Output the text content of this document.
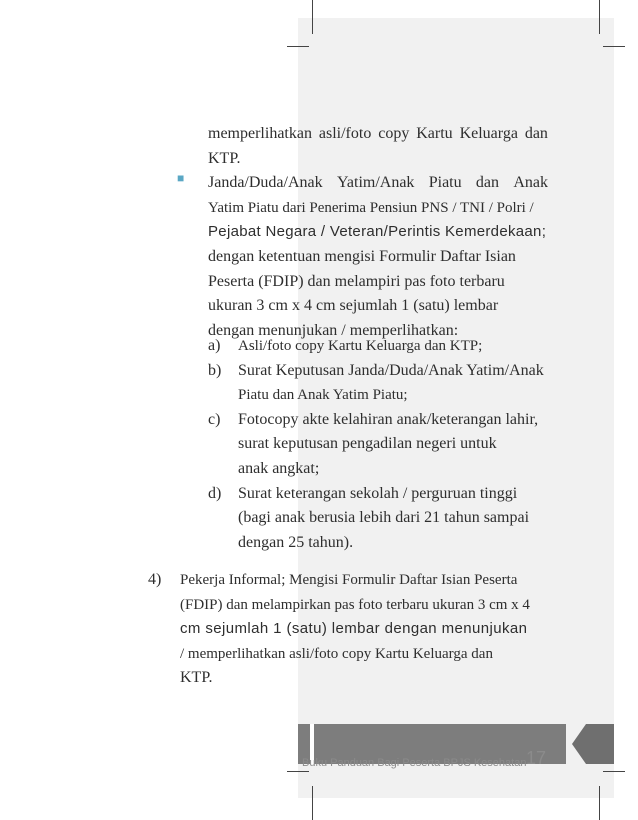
■
memperlihatkan asli/foto copy Kartu Keluarga dan
KTP.
Janda/Duda/Anak Yatim/Anak Piatu dan Anak
Yatim Piatu dari Penerima Pensiun PNS / TNI / Polri /
Pejabat Negara / Veteran/Perintis Kemerdekaan;
dengan ketentuan mengisi Formulir Daftar Isian
Peserta (FDIP) dan melampiri pas foto terbaru
ukuran 3 cm x 4 cm sejumlah 1 (satu) lembar
dengan menunjukan / memperlihatkan:
a) Asli/foto copy Kartu Keluarga dan KTP;
b) Surat Keputusan Janda/Duda/Anak Yatim/Anak
Piatu dan Anak Yatim Piatu;
c) Fotocopy akte kelahiran anak/keterangan lahir,
surat keputusan pengadilan negeri untuk
anak angkat;
d) Surat keterangan sekolah / perguruan tinggi
(bagi anak berusia lebih dari 21 tahun sampai
dengan 25 tahun).
4) Pekerja Informal; Mengisi Formulir Daftar Isian Peserta
(FDIP) dan melampirkan pas foto terbaru ukuran 3 cm x 4
cm sejumlah 1 (satu) lembar dengan menunjukan
/ memperlihatkan asli/foto copy Kartu Keluarga dan
KTP.
Buku Panduan Bagi Peserta BPJS Kesehatan 17
